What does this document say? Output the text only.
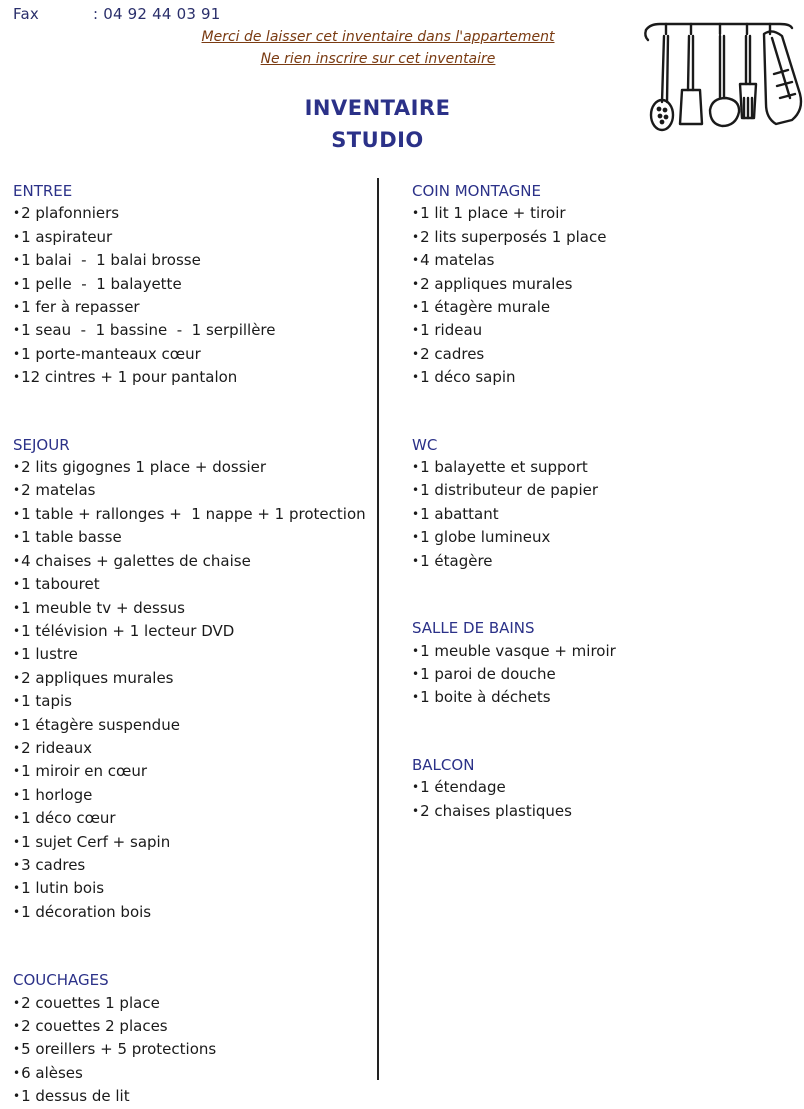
Fax	: 04 92 44 03 91
Merci de laisser cet inventaire dans l'appartement
Ne rien inscrire sur cet inventaire
INVENTAIRE
STUDIO
ENTREE
• 2 plafonniers
• 1 aspirateur
• 1 balai  -  1 balai brosse
• 1 pelle  -  1 balayette
• 1 fer à repasser
• 1 seau  -  1 bassine  -  1 serpillère
• 1 porte-manteaux cœur
• 12 cintres + 1 pour pantalon
SEJOUR
• 2 lits gigognes 1 place + dossier
• 2 matelas
• 1 table + rallonges +  1 nappe + 1 protection
• 1 table basse
• 4 chaises + galettes de chaise
• 1 tabouret
• 1 meuble tv + dessus
• 1 télévision + 1 lecteur DVD
• 1 lustre
• 2 appliques murales
• 1 tapis
• 1 étagère suspendue
• 2 rideaux
• 1 miroir en cœur
• 1 horloge
• 1 déco cœur
• 1 sujet Cerf + sapin
• 3 cadres
• 1 lutin bois
• 1 décoration bois
COUCHAGES
• 2 couettes 1 place
• 2 couettes 2 places
• 5 oreillers + 5 protections
• 6 alèses
• 1 dessus de lit
COIN MONTAGNE
• 1 lit 1 place + tiroir
• 2 lits superposés 1 place
• 4 matelas
• 2 appliques murales
• 1 étagère murale
• 1 rideau
• 2 cadres
• 1 déco sapin
WC
• 1 balayette et support
• 1 distributeur de papier
• 1 abattant
• 1 globe lumineux
• 1 étagère
SALLE DE BAINS
• 1 meuble vasque + miroir
• 1 paroi de douche
• 1 boite à déchets
BALCON
• 1 étendage
• 2 chaises plastiques
